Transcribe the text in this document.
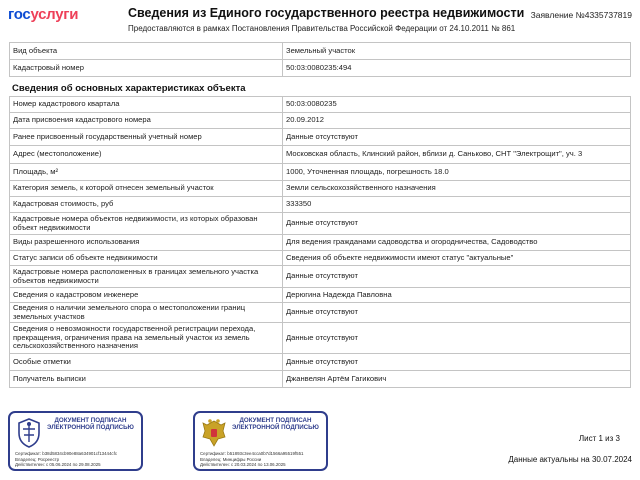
госуслуги	Сведения из Единого государственного реестра недвижимости
Предоставляются в рамках Постановления Правительства Российской Федерации от 24.10.2011 № 861
Заявление №4335737819
Вид объекта	Земельный участок
Кадастровый номер	50:03:0080235:494
Сведения об основных характеристиках объекта
Номер кадастрового квартала	50:03:0080235
Дата присвоения кадастрового номера	20.09.2012
Ранее присвоенный государственный учетный номер	Данные отсутствуют
Адрес (местоположение)	Московская область, Клинский район, вблизи д. Саньково, СНТ "Электрощит", уч. 3
Площадь, м²	1000, Уточненная площадь, погрешность 18.0
Категория земель, к которой отнесен земельный участок	Земли сельскохозяйственного назначения
Кадастровая стоимость, руб	333350
Кадастровые номера объектов недвижимости, из которых образован объект недвижимости	Данные отсутствуют
Виды разрешенного использования	Для ведения гражданами садоводства и огородничества, Садоводство
Статус записи об объекте недвижимости	Сведения об объекте недвижимости имеют статус "актуальные"
Кадастровые номера расположенных в границах земельного участка объектов недвижимости	Данные отсутствуют
Сведения о кадастровом инженере	Дерюгина Надежда Павловна
Сведения о наличии земельного спора о местоположении границ земельных участков	Данные отсутствуют
Сведения о невозможности государственной регистрации перехода, прекращения, ограничения права на земельный участок из земель сельскохозяйственного назначения	Данные отсутствуют
Особые отметки	Данные отсутствуют
Получатель выписки	Джанвелян Артём Гагикович
ДОКУМЕНТ ПОДПИСАН ЭЛЕКТРОННОЙ ПОДПИСЬЮ
Сертификат: b38d5834cb90e88a634901cf13444cfc
Владелец: Росреестр
Действителен: с 05.06.2024 по 29.08.2025
ДОКУМЕНТ ПОДПИСАН ЭЛЕКТРОННОЙ ПОДПИСЬЮ
Сертификат: b51893c3ee4cca0b7d1566a95519f551
Владелец: Минцифры России
Действителен: с 20.03.2024 по 13.06.2025
Лист 1 из 3
Данные актуальны на 30.07.2024
